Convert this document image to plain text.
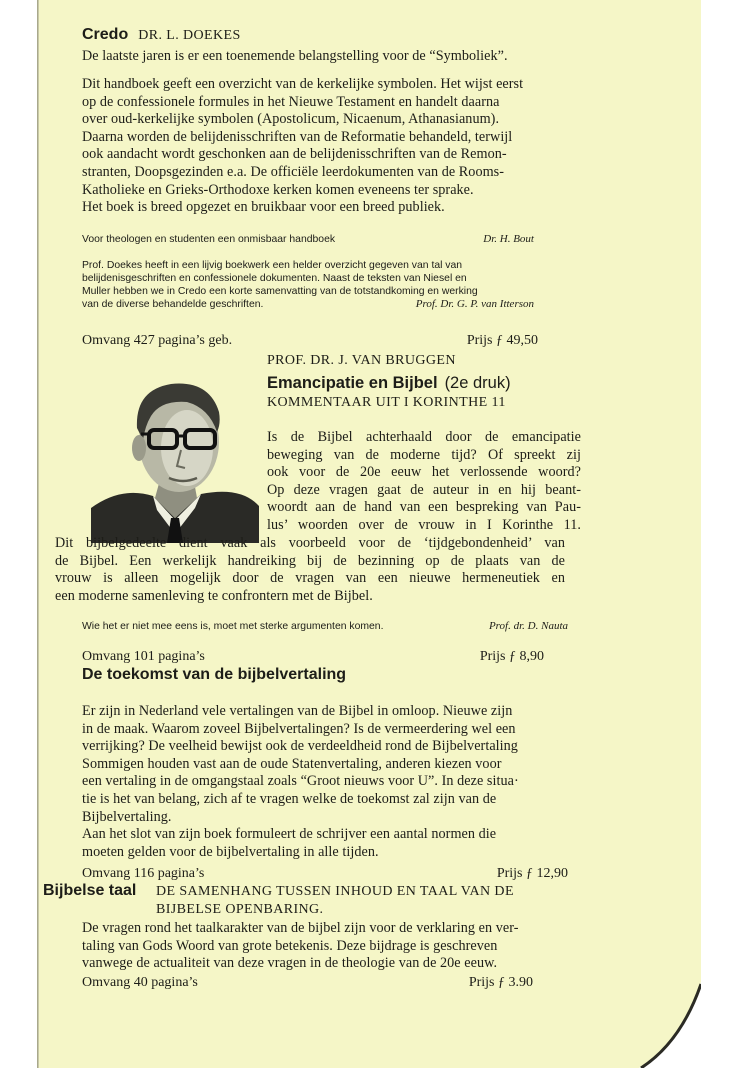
Credo DR. L. DOEKES
De laatste jaren is er een toenemende belangstelling voor de “Symboliek”.

Dit handboek geeft een overzicht van de kerkelijke symbolen. Het wijst eerst

op de confessionele formules in het Nieuwe Testament en handelt daarna

over oud-kerkelijke symbolen (Apostolicum, Nicaenum, Athanasianum).

Daarna worden de belijdenisschriften van de Reformatie behandeld, terwijl

ook aandacht wordt geschonken aan de belijdenisschriften van de Remon-

stranten, Doopsgezinden e.a. De officiële leerdokumenten van de Rooms-

Katholieke en Grieks-Orthodoxe kerken komen eveneens ter sprake.

Het boek is breed opgezet en bruikbaar voor een breed publiek.

Voor theologen en studenten een onmisbaar handboek	Dr. H. Bout
Prof. Doekes heeft in een lijvig boekwerk een helder overzicht gegeven van tal van
belijdenisgeschriften en confessionele dokumenten. Naast de teksten van Niesel en
Muller hebben we in Credo een korte samenvatting van de totstandkoming en werking
van de diverse behandelde geschriften.	Prof. Dr. G. P. van Itterson
Omvang 427 pagina’s geb.	Prijs ƒ 49,50
PROF. DR. J. VAN BRUGGEN
Emancipatie en Bijbel (2e druk)
KOMMENTAAR UIT I KORINTHE 11

Is de Bijbel achterhaald door de emancipatie

beweging van de moderne tijd? Of spreekt zij

ook voor de 20e eeuw het verlossende woord?

Op deze vragen gaat de auteur in en hij beant-

woordt aan de hand van een bespreking van Pau-

lus’ woorden over de vrouw in I Korinthe 11.

Dit bijbelgedeelte dient vaak als voorbeeld voor de ‘tijdgebondenheid’ van

de Bijbel. Een werkelijk handreiking bij de bezinning op de plaats van de

vrouw is alleen mogelijk door de vragen van een nieuwe hermeneutiek en

een moderne samenleving te confrontern met de Bijbel.

Wie het er niet mee eens is, moet met sterke argumenten komen.	Prof. dr. D. Nauta
Omvang 101 pagina’s	Prijs ƒ 8,90
De toekomst van de bijbelvertaling

Er zijn in Nederland vele vertalingen van de Bijbel in omloop. Nieuwe zijn

in de maak. Waarom zoveel Bijbelvertalingen? Is de vermeerdering wel een

verrijking? De veelheid bewijst ook de verdeeldheid rond de Bijbelvertaling

Sommigen houden vast aan de oude Statenvertaling, anderen kiezen voor

een vertaling in de omgangstaal zoals “Groot nieuws voor U”. In deze situa·

tie is het van belang, zich af te vragen welke de toekomst zal zijn van de

Bijbelvertaling.

Aan het slot van zijn boek formuleert de schrijver een aantal normen die

moeten gelden voor de bijbelvertaling in alle tijden.

Omvang 116 pagina’s	Prijs ƒ 12,90
Bijbelse taal DE SAMENHANG TUSSEN INHOUD EN TAAL VAN DE
BIJBELSE OPENBARING.

De vragen rond het taalkarakter van de bijbel zijn voor de verklaring en ver-

taling van Gods Woord van grote betekenis. Deze bijdrage is geschreven

vanwege de actualiteit van deze vragen in de theologie van de 20e eeuw.

Omvang 40 pagina’s	Prijs ƒ 3.90
